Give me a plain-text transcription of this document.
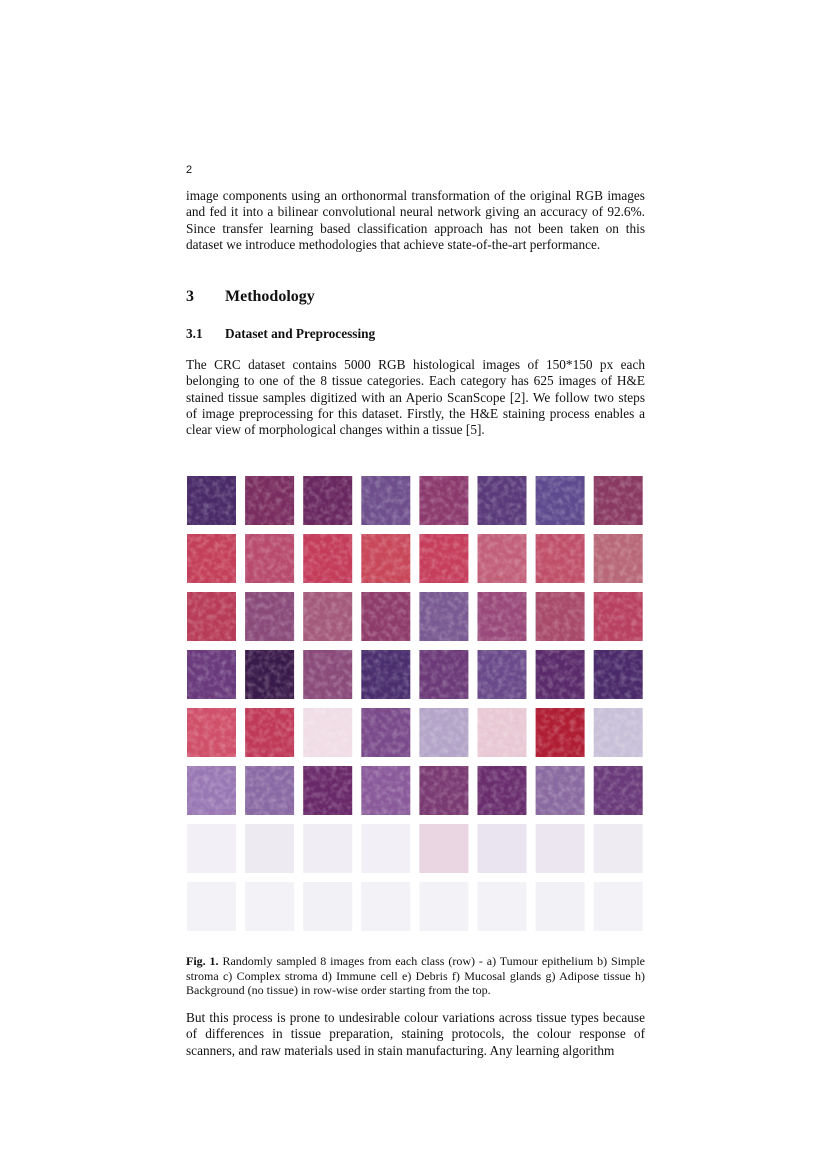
2

image components using an orthonormal transformation of the original RGB images and fed it into a bilinear convolutional neural network giving an accuracy of 92.6%. Since transfer learning based classification approach has not been taken on this dataset we introduce methodologies that achieve state-of-the-art performance.

3 Methodology
3.1 Dataset and Preprocessing

The CRC dataset contains 5000 RGB histological images of 150*150 px each belonging to one of the 8 tissue categories. Each category has 625 images of H&E stained tissue samples digitized with an Aperio ScanScope [2]. We follow two steps of image preprocessing for this dataset. Firstly, the H&E staining process enables a clear view of morphological changes within a tissue [5].

Fig. 1. Randomly sampled 8 images from each class (row) - a) Tumour epithelium b) Simple stroma c) Complex stroma d) Immune cell e) Debris f) Mucosal glands g) Adipose tissue h) Background (no tissue) in row-wise order starting from the top.

But this process is prone to undesirable colour variations across tissue types because of differences in tissue preparation, staining protocols, the colour response of scanners, and raw materials used in stain manufacturing. Any learning algorithm
